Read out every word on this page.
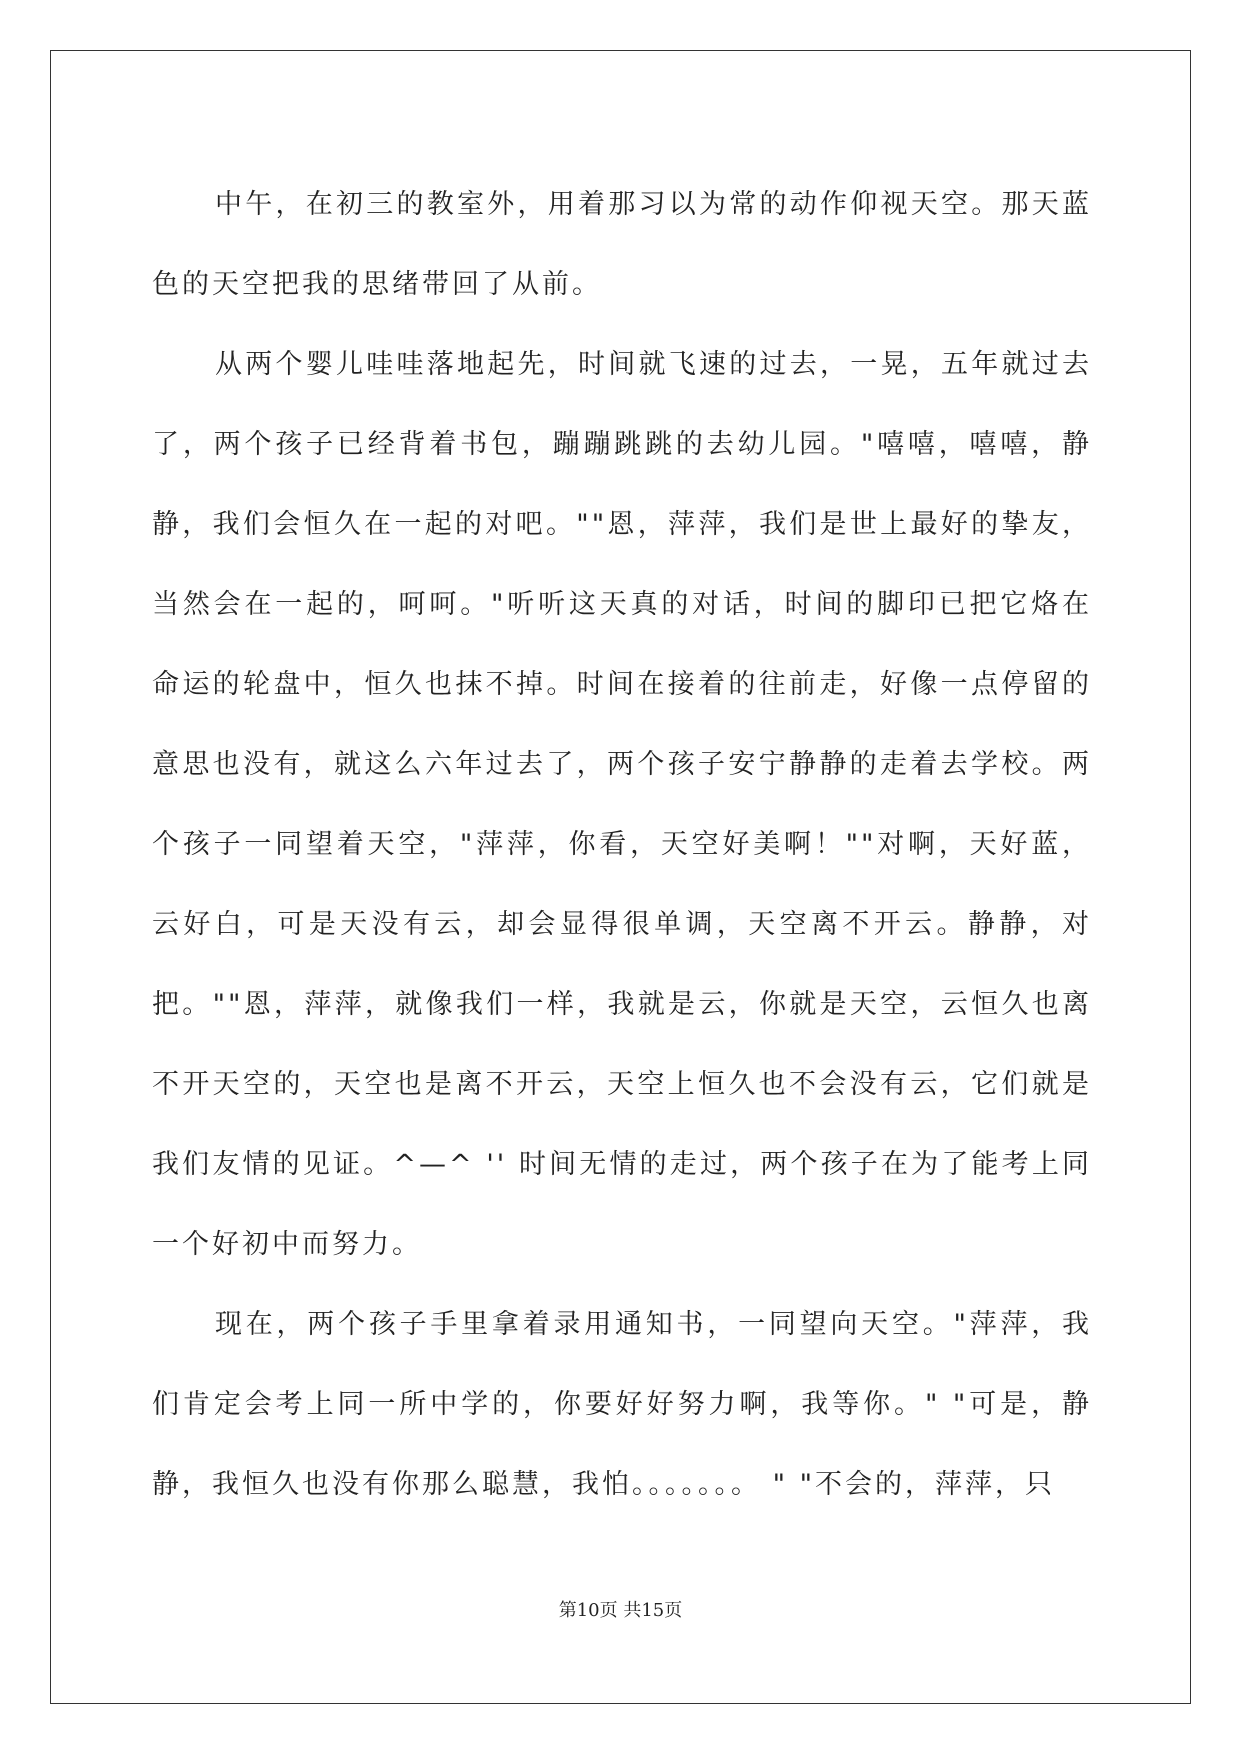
中午，在初三的教室外，用着那习以为常的动作仰视天空。那天蓝色的天空把我的思绪带回了从前。

从两个婴儿哇哇落地起先，时间就飞速的过去，一晃，五年就过去了，两个孩子已经背着书包，蹦蹦跳跳的去幼儿园。"嘻嘻，嘻嘻，静静，我们会恒久在一起的对吧。""恩，萍萍，我们是世上最好的挚友，当然会在一起的，呵呵。"听听这天真的对话，时间的脚印已把它烙在命运的轮盘中，恒久也抹不掉。时间在接着的往前走，好像一点停留的意思也没有，就这么六年过去了，两个孩子安宁静静的走着去学校。两个孩子一同望着天空，"萍萍，你看，天空好美啊！""对啊，天好蓝，云好白，可是天没有云，却会显得很单调，天空离不开云。静静，对把。""恩，萍萍，就像我们一样，我就是云，你就是天空，云恒久也离不开天空的，天空也是离不开云，天空上恒久也不会没有云，它们就是我们友情的见证。^—^ '' 时间无情的走过，两个孩子在为了能考上同一个好初中而努力。

现在，两个孩子手里拿着录用通知书，一同望向天空。"萍萍，我们肯定会考上同一所中学的，你要好好努力啊，我等你。" "可是，静静，我恒久也没有你那么聪慧，我怕。。。。。。。 " "不会的，萍萍，只

第10页 共15页
